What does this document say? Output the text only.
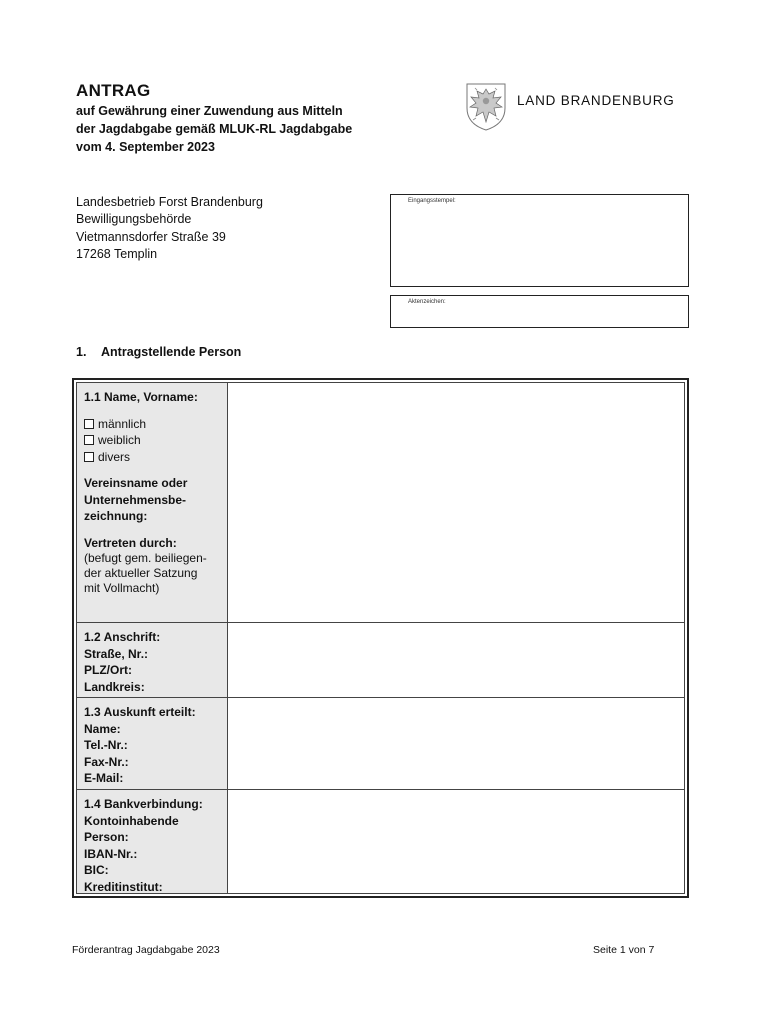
ANTRAG
auf Gewährung einer Zuwendung aus Mitteln
der Jagdabgabe gemäß MLUK-RL Jagdabgabe
vom 4. September 2023
LAND BRANDENBURG
Landesbetrieb Forst Brandenburg
Bewilligungsbehörde
Vietmannsdorfer Straße 39
17268 Templin
Eingangsstempel:
Aktenzeichen:
1. Antragstellende Person
1.1 Name, Vorname:
männlich
weiblich
divers
Vereinsname oder
Unternehmensbe-
zeichnung:
Vertreten durch:
(befugt gem. beiliegen-
der aktueller Satzung
mit Vollmacht)
1.2 Anschrift:
Straße, Nr.:
PLZ/Ort:
Landkreis:
1.3 Auskunft erteilt:
Name:
Tel.-Nr.:
Fax-Nr.:
E-Mail:
1.4 Bankverbindung:
Kontoinhabende
Person:
IBAN-Nr.:
BIC:
Kreditinstitut:
Förderantrag Jagdabgabe 2023	Seite 1 von 7
